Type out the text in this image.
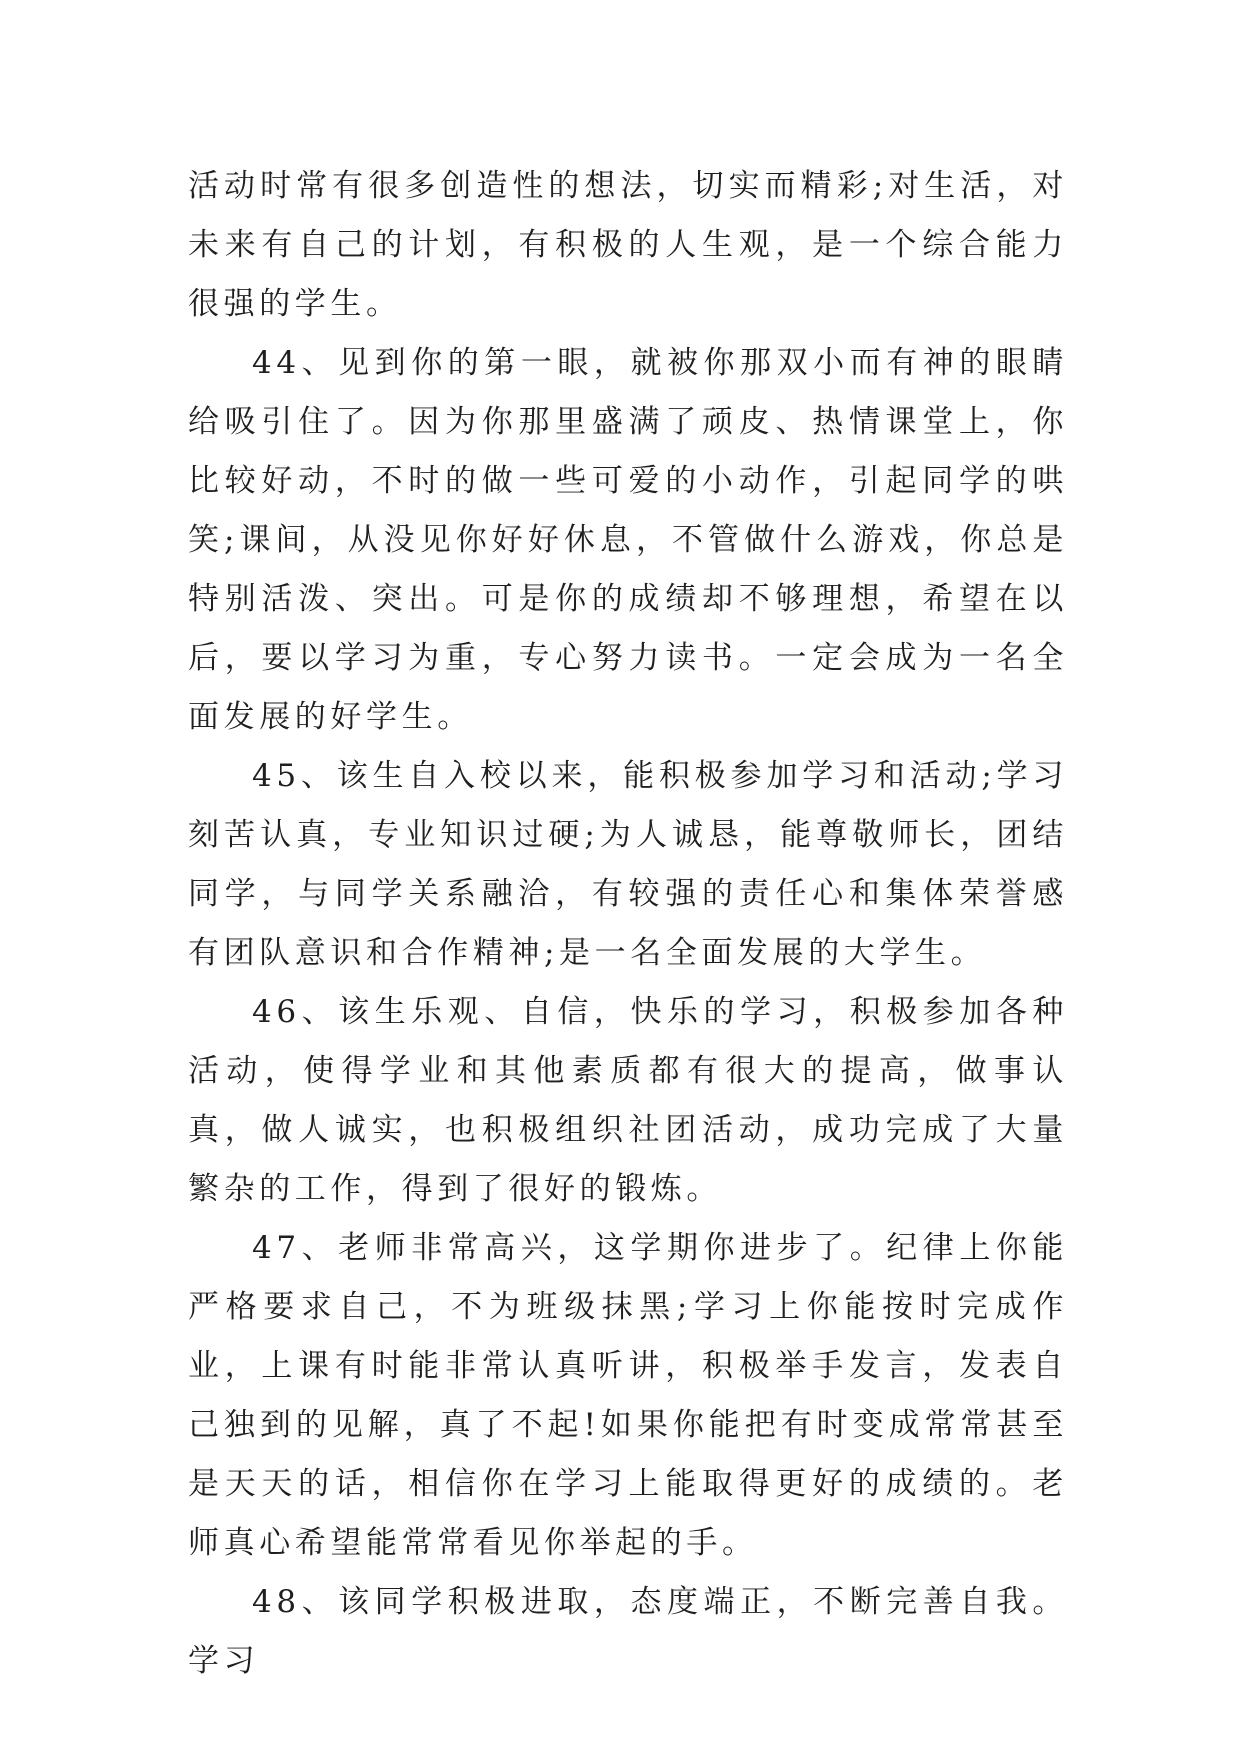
活动时常有很多创造性的想法，切实而精彩;对生活，对未来有自己的计划，有积极的人生观，是一个综合能力很强的学生。

44、见到你的第一眼，就被你那双小而有神的眼睛给吸引住了。因为你那里盛满了顽皮、热情课堂上，你比较好动，不时的做一些可爱的小动作，引起同学的哄笑;课间，从没见你好好休息，不管做什么游戏，你总是特别活泼、突出。可是你的成绩却不够理想，希望在以后，要以学习为重，专心努力读书。一定会成为一名全面发展的好学生。

45、该生自入校以来，能积极参加学习和活动;学习刻苦认真，专业知识过硬;为人诚恳，能尊敬师长，团结同学，与同学关系融洽，有较强的责任心和集体荣誉感有团队意识和合作精神;是一名全面发展的大学生。

46、该生乐观、自信，快乐的学习，积极参加各种活动，使得学业和其他素质都有很大的提高，做事认真，做人诚实，也积极组织社团活动，成功完成了大量繁杂的工作，得到了很好的锻炼。

47、老师非常高兴，这学期你进步了。纪律上你能严格要求自己，不为班级抹黑;学习上你能按时完成作业，上课有时能非常认真听讲，积极举手发言，发表自己独到的见解，真了不起!如果你能把有时变成常常甚至是天天的话，相信你在学习上能取得更好的成绩的。老师真心希望能常常看见你举起的手。

48、该同学积极进取，态度端正，不断完善自我。学习
